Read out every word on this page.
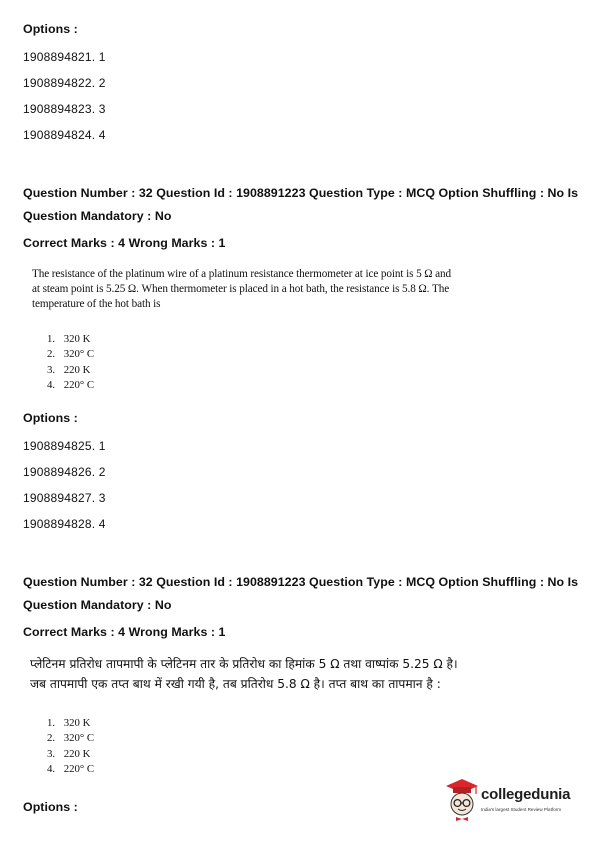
Options :
1908894821. 1
1908894822. 2
1908894823. 3
1908894824. 4
Question Number : 32 Question Id : 1908891223 Question Type : MCQ Option Shuffling : No Is
Question Mandatory : No
Correct Marks : 4 Wrong Marks : 1
The resistance of the platinum wire of a platinum resistance thermometer at ice point is 5 Ω and
at steam point is 5.25 Ω. When thermometer is placed in a hot bath, the resistance is 5.8 Ω. The
temperature of the hot bath is
1. 320 K
2. 320° C
3. 220 K
4. 220° C
Options :
1908894825. 1
1908894826. 2
1908894827. 3
1908894828. 4
Question Number : 32 Question Id : 1908891223 Question Type : MCQ Option Shuffling : No Is
Question Mandatory : No
Correct Marks : 4 Wrong Marks : 1
प्लेटिनम प्रतिरोध तापमापी के प्लेटिनम तार के प्रतिरोध का हिमांक 5 Ω तथा वाष्पांक 5.25 Ω है।
जब तापमापी एक तप्त बाथ में रखी गयी है, तब प्रतिरोध 5.8 Ω है। तप्त बाथ का तापमान है :
1. 320 K
2. 320° C
3. 220 K
4. 220° C
Options :
collegedunia
India's largest Student Review Platform
